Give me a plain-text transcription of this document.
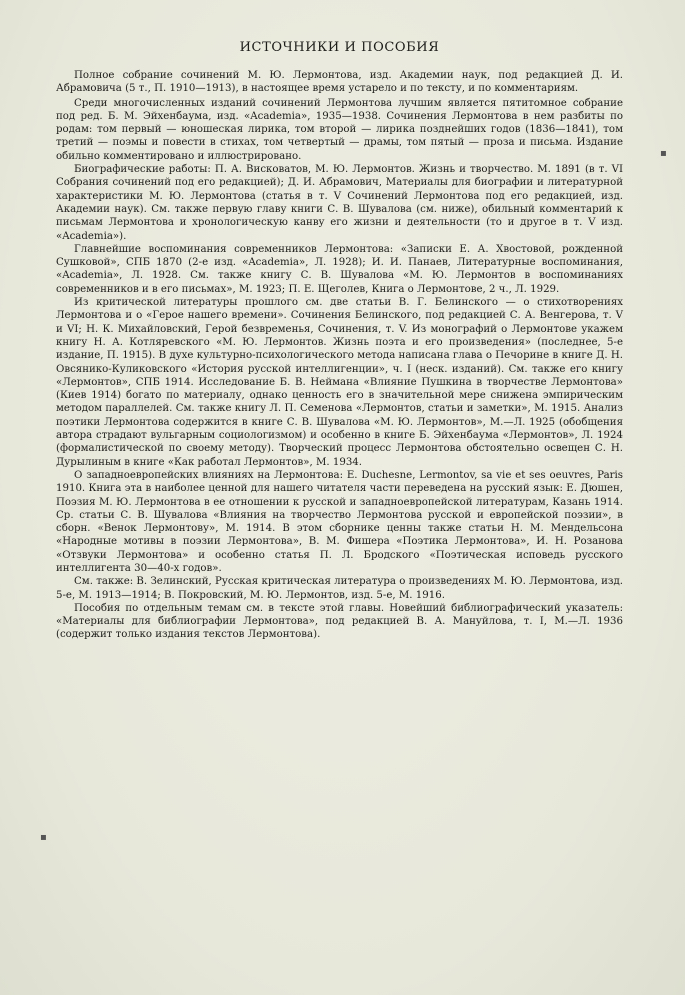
ИСТОЧНИКИ И ПОСОБИЯ

Полное собрание сочинений М. Ю. Лермонтова, изд. Академии наук, под редакцией Д. И. Абрамовича (5 т., П. 1910—1913), в настоящее время устарело и по тексту, и по комментариям.

Среди многочисленных изданий сочинений Лермонтова лучшим является пятитомное собрание под ред. Б. М. Эйхенбаума, изд. «Academia», 1935—1938. Сочинения Лермонтова в нем разбиты по родам: том первый — юношеская лирика, том второй — лирика позднейших годов (1836—1841), том третий — поэмы и повести в стихах, том четвертый — драмы, том пятый — проза и письма. Издание обильно комментировано и иллюстрировано.

Биографические работы: П. А. Висковатов, М. Ю. Лермонтов. Жизнь и творчество. М. 1891 (в т. VI Собрания сочинений под его редакцией); Д. И. Абрамович, Материалы для биографии и литературной характеристики М. Ю. Лермонтова (статья в т. V Сочинений Лермонтова под его редакцией, изд. Академии наук). См. также первую главу книги С. В. Шувалова (см. ниже), обильный комментарий к письмам Лермонтова и хронологическую канву его жизни и деятельности (то и другое в т. V изд. «Academia»).

Главнейшие воспоминания современников Лермонтова: «Записки Е. А. Хвостовой, рожденной Сушковой», СПБ 1870 (2-е изд. «Academia», Л. 1928); И. И. Панаев, Литературные воспоминания, «Academia», Л. 1928. См. также книгу С. В. Шувалова «М. Ю. Лермонтов в воспоминаниях современников и в его письмах», М. 1923; П. Е. Щеголев, Книга о Лермонтове, 2 ч., Л. 1929.

Из критической литературы прошлого см. две статьи В. Г. Белинского — о стихотворениях Лермонтова и о «Герое нашего времени». Сочинения Белинского, под редакцией С. А. Венгерова, т. V и VI; Н. К. Михайловский, Герой безвременья, Сочинения, т. V. Из монографий о Лермонтове укажем книгу Н. А. Котляревского «М. Ю. Лермонтов. Жизнь поэта и его произведения» (последнее, 5-е издание, П. 1915). В духе культурно-психологического метода написана глава о Печорине в книге Д. Н. Овсянико-Куликовского «История русской интеллигенции», ч. I (неск. изданий). См. также его книгу «Лермонтов», СПБ 1914. Исследование Б. В. Неймана «Влияние Пушкина в творчестве Лермонтова» (Киев 1914) богато по материалу, однако ценность его в значительной мере снижена эмпирическим методом параллелей. См. также книгу Л. П. Семенова «Лермонтов, статьи и заметки», М. 1915. Анализ поэтики Лермонтова содержится в книге С. В. Шувалова «М. Ю. Лермонтов», М.—Л. 1925 (обобщения автора страдают вульгарным социологизмом) и особенно в книге Б. Эйхенбаума «Лермонтов», Л. 1924 (формалистической по своему методу). Творческий процесс Лермонтова обстоятельно освещен С. Н. Дурылиным в книге «Как работал Лермонтов», М. 1934.

О западноевропейских влияниях на Лермонтова: E. Duchesne, Lermontov, sa vie et ses oeuvres, Paris 1910. Книга эта в наиболее ценной для нашего читателя части переведена на русский язык: Е. Дюшен, Поэзия М. Ю. Лермонтова в ее отношении к русской и западноевропейской литературам, Казань 1914. Ср. статьи С. В. Шувалова «Влияния на творчество Лермонтова русской и европейской поэзии», в сборн. «Венок Лермонтову», М. 1914. В этом сборнике ценны также статьи Н. М. Мендельсона «Народные мотивы в поэзии Лермонтова», В. М. Фишера «Поэтика Лермонтова», И. Н. Розанова «Отзвуки Лермонтова» и особенно статья П. Л. Бродского «Поэтическая исповедь русского интеллигента 30—40-х годов».

См. также: В. Зелинский, Русская критическая литература о произведениях М. Ю. Лермонтова, изд. 5-е, М. 1913—1914; В. Покровский, М. Ю. Лермонтов, изд. 5-е, М. 1916.

Пособия по отдельным темам см. в тексте этой главы. Новейший библиографический указатель: «Материалы для библиографии Лермонтова», под редакцией В. А. Мануйлова, т. I, М.—Л. 1936 (содержит только издания текстов Лермонтова).

▪
▪
